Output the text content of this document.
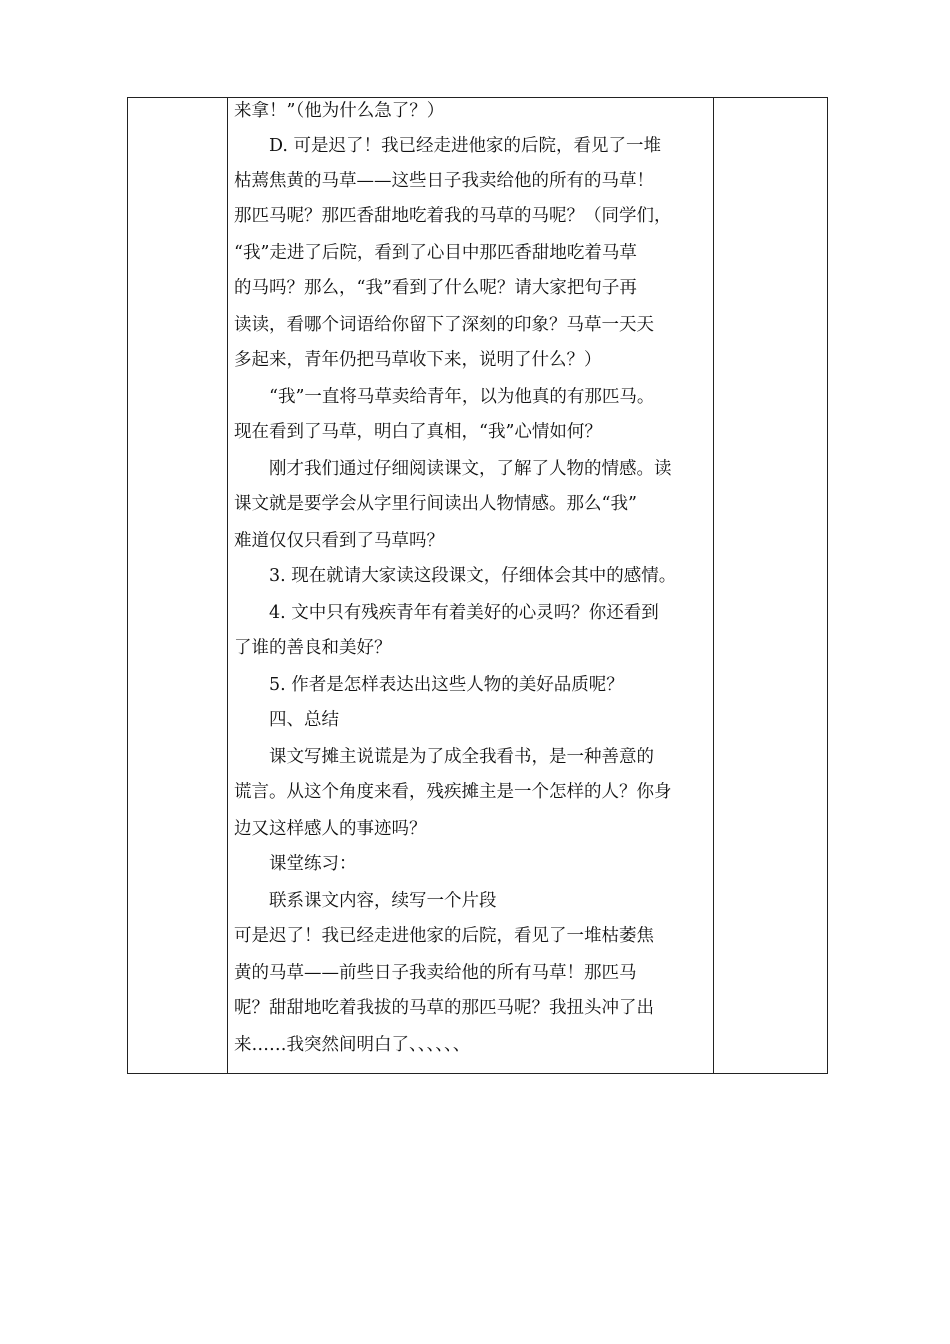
来拿！”（他为什么急了？）
D. 可是迟了！我已经走进他家的后院，看见了一堆
枯蔫焦黄的马草——这些日子我卖给他的所有的马草！
那匹马呢？那匹香甜地吃着我的马草的马呢？（同学们，
“我”走进了后院，看到了心目中那匹香甜地吃着马草
的马吗？那么，“我”看到了什么呢？请大家把句子再
读读，看哪个词语给你留下了深刻的印象？马草一天天
多起来，青年仍把马草收下来，说明了什么？）
“我”一直将马草卖给青年，以为他真的有那匹马。
现在看到了马草，明白了真相，“我”心情如何？
刚才我们通过仔细阅读课文，了解了人物的情感。读
课文就是要学会从字里行间读出人物情感。那么“我”
难道仅仅只看到了马草吗？
3. 现在就请大家读这段课文，仔细体会其中的感情。
4. 文中只有残疾青年有着美好的心灵吗？你还看到
了谁的善良和美好？
5. 作者是怎样表达出这些人物的美好品质呢？
四、总结
课文写摊主说谎是为了成全我看书，是一种善意的
谎言。从这个角度来看，残疾摊主是一个怎样的人？你身
边又这样感人的事迹吗？
课堂练习：
联系课文内容，续写一个片段
可是迟了！我已经走进他家的后院，看见了一堆枯萎焦
黄的马草——前些日子我卖给他的所有马草！那匹马
呢？甜甜地吃着我拔的马草的那匹马呢？我扭头冲了出
来……我突然间明白了、、、、、、
